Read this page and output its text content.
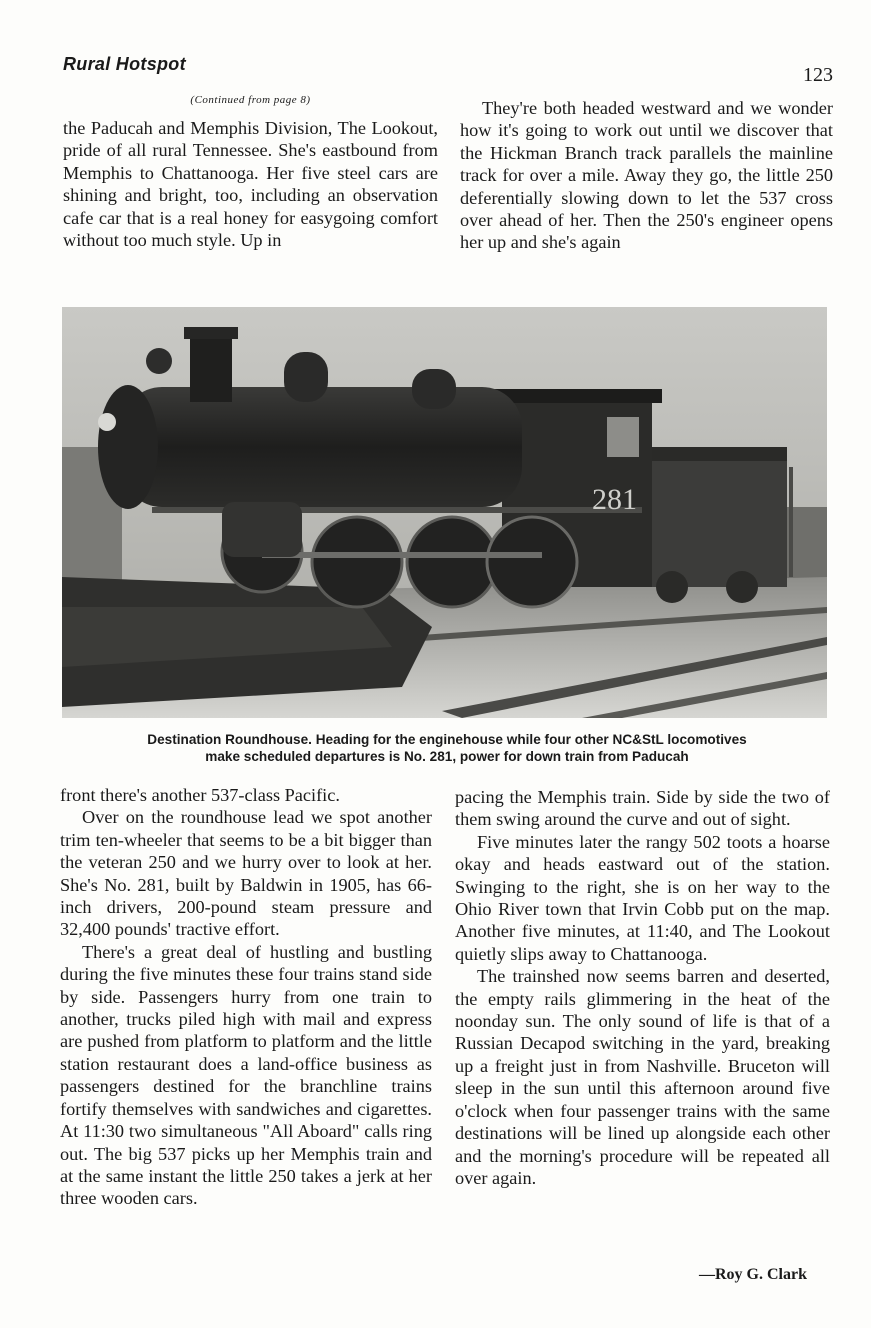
Rural Hotspot	123
(Continued from page 8)

the Paducah and Memphis Division, The Lookout, pride of all rural Tennessee. She's eastbound from Memphis to Chattanooga. Her five steel cars are shining and bright, too, including an observation cafe car that is a real honey for easygoing comfort without too much style. Up in

They're both headed westward and we wonder how it's going to work out until we discover that the Hickman Branch track parallels the mainline track for over a mile. Away they go, the little 250 deferentially slowing down to let the 537 cross over ahead of her. Then the 250's engineer opens her up and she's again

281
Destination Roundhouse. Heading for the enginehouse while four other NC&StL locomotives
make scheduled departures is No. 281, power for down train from Paducah

front there's another 537-class Pacific.

Over on the roundhouse lead we spot another trim ten-wheeler that seems to be a bit bigger than the veteran 250 and we hurry over to look at her. She's No. 281, built by Baldwin in 1905, has 66-inch drivers, 200-pound steam pressure and 32,400 pounds' tractive effort.

There's a great deal of hustling and bustling during the five minutes these four trains stand side by side. Passengers hurry from one train to another, trucks piled high with mail and express are pushed from platform to platform and the little station restaurant does a land-office business as passengers destined for the branchline trains fortify themselves with sandwiches and cigarettes. At 11:30 two simultaneous "All Aboard" calls ring out. The big 537 picks up her Memphis train and at the same instant the little 250 takes a jerk at her three wooden cars.

pacing the Memphis train. Side by side the two of them swing around the curve and out of sight.

Five minutes later the rangy 502 toots a hoarse okay and heads eastward out of the station. Swinging to the right, she is on her way to the Ohio River town that Irvin Cobb put on the map. Another five minutes, at 11:40, and The Lookout quietly slips away to Chattanooga.

The trainshed now seems barren and deserted, the empty rails glimmering in the heat of the noonday sun. The only sound of life is that of a Russian Decapod switching in the yard, breaking up a freight just in from Nashville. Bruceton will sleep in the sun until this afternoon around five o'clock when four passenger trains with the same destinations will be lined up alongside each other and the morning's procedure will be repeated all over again.

—Roy G. Clark
